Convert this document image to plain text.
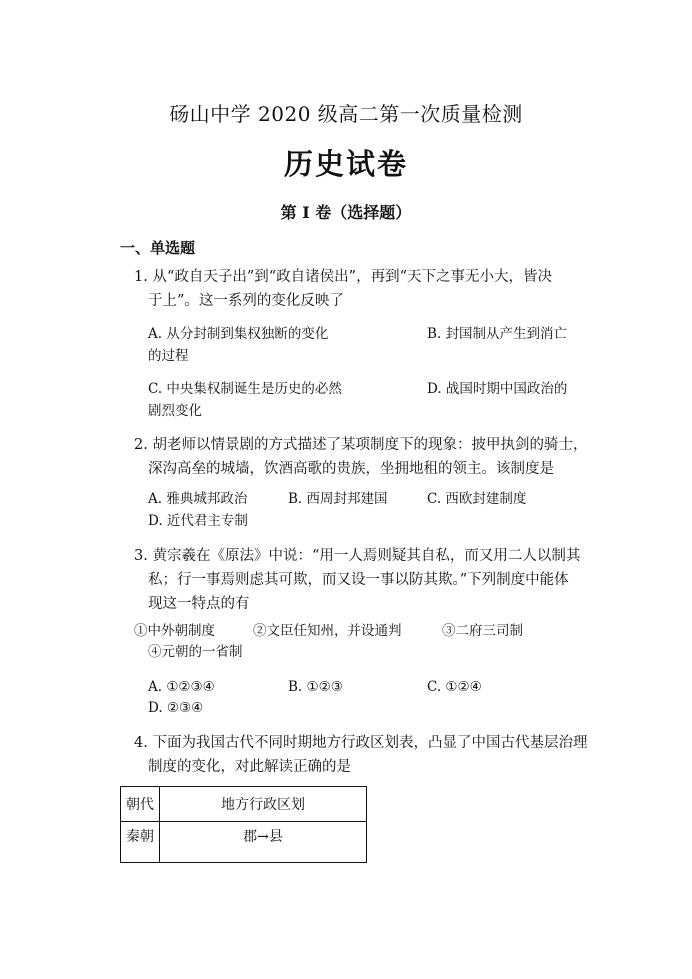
砀山中学 2020 级高二第一次质量检测
历史试卷
第 I 卷（选择题）
一、单选题
1. 从“政自天子出”到“政自诸侯出”，再到“天下之事无小大，皆决
于上”。这一系列的变化反映了
A. 从分封制到集权独断的变化	B. 封国制从产生到消亡
的过程
C. 中央集权制诞生是历史的必然	D. 战国时期中国政治的
剧烈变化
2. 胡老师以情景剧的方式描述了某项制度下的现象：披甲执剑的骑士，
深沟高垒的城墙，饮酒高歌的贵族，坐拥地租的领主。该制度是
A. 雅典城邦政治	B. 西周封邦建国	C. 西欧封建制度
D. 近代君主专制
3. 黄宗羲在《原法》中说：“用一人焉则疑其自私，而又用二人以制其
私；行一事焉则虑其可欺，而又设一事以防其欺。”下列制度中能体
现这一特点的有
①中外朝制度	②文臣任知州，并设通判	③二府三司制
④元朝的一省制
A. ①②③④	B. ①②③	C. ①②④
D. ②③④
4. 下面为我国古代不同时期地方行政区划表，凸显了中国古代基层治理
制度的变化，对此解读正确的是
朝代	地方行政区划
秦朝	郡→县
